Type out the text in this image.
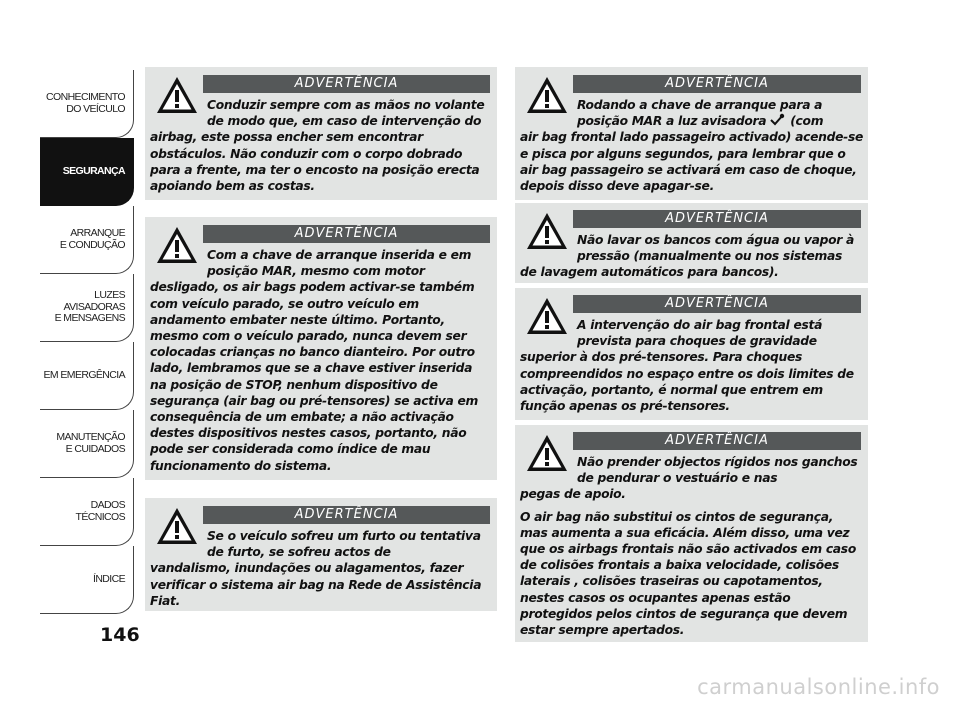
CONHECIMENTO
DO VEÍCULO
SEGURANÇA
ARRANQUE
E CONDUÇÃO
LUZES
AVISADORAS
E MENSAGENS
EM EMERGÊNCIA
MANUTENÇÃO
E CUIDADOS
DADOS
TÉCNICOS
ÍNDICE
146
ADVERTÊNCIA

Conduzir sempre com as mãos no volante de modo que, em caso de intervenção do

airbag, este possa encher sem encontrar obstáculos. Não conduzir com o corpo dobrado para a frente, ma ter o encosto na posição erecta apoiando bem as costas.

ADVERTÊNCIA

Com a chave de arranque inserida e em posição MAR, mesmo com motor

desligado, os air bags podem activar-se também com veículo parado, se outro veículo em andamento embater neste último. Portanto, mesmo com o veículo parado, nunca devem ser colocadas crianças no banco dianteiro. Por outro lado, lembramos que se a chave estiver inserida na posição de STOP, nenhum dispositivo de segurança (air bag ou pré-tensores) se activa em consequência de um embate; a não activação destes dispositivos nestes casos, portanto, não pode ser considerada como índice de mau funcionamento do sistema.

ADVERTÊNCIA

Se o veículo sofreu um furto ou tentativa de furto, se sofreu actos de

vandalismo, inundações ou alagamentos, fazer verificar o sistema air bag na Rede de Assistência Fiat.

ADVERTÊNCIA

Rodando a chave de arranque para a posição MAR a luz avisadora (com

air bag frontal lado passageiro activado) acende-se e pisca por alguns segundos, para lembrar que o air bag passageiro se activará em caso de choque, depois disso deve apagar-se.

ADVERTÊNCIA

Não lavar os bancos com água ou vapor à pressão (manualmente ou nos sistemas

de lavagem automáticos para bancos).

ADVERTÊNCIA

A intervenção do air bag frontal está prevista para choques de gravidade

superior à dos pré-tensores. Para choques compreendidos no espaço entre os dois limites de activação, portanto, é normal que entrem em função apenas os pré-tensores.

ADVERTÊNCIA

Não prender objectos rígidos nos ganchos de pendurar o vestuário e nas

pegas de apoio.

O air bag não substitui os cintos de segurança, mas aumenta a sua eficácia. Além disso, uma vez que os airbags frontais não são activados em caso de colisões frontais a baixa velocidade, colisões laterais , colisões traseiras ou capotamentos, nestes casos os ocupantes apenas estão protegidos pelos cintos de segurança que devem estar sempre apertados.

carmanualsonline.info
